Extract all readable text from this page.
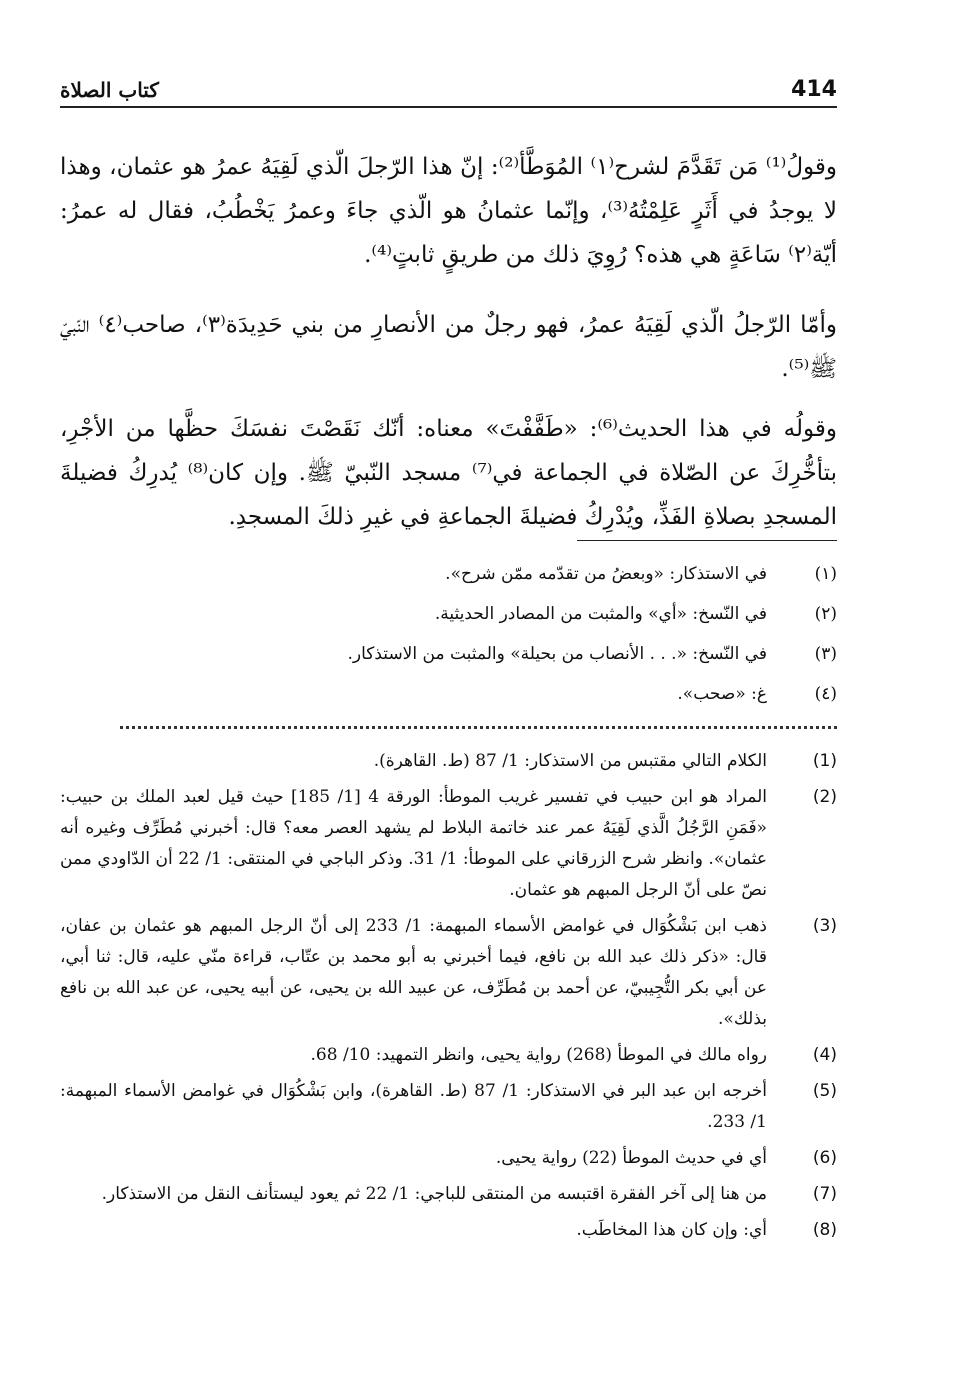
كتاب الصلاة	414

وقولُ⁽¹⁾ مَن تَقَدَّمَ لشرح⁽١⁾ المُوَطَّأ⁽²⁾: إنّ هذا الرّجلَ الّذي لَقِيَهُ عمرُ هو عثمان، وهذا لا يوجدُ في أَثَرٍ عَلِمْتُهُ⁽³⁾، وإنّما عثمانُ هو الّذي جاءَ وعمرُ يَخْطُبُ، فقال له عمرُ: أيّة⁽٢⁾ سَاعَةٍ هي هذه؟ رُوِيَ ذلك من طريقٍ ثابتٍ⁽⁴⁾.

وأمّا الرّجلُ الّذي لَقِيَهُ عمرُ، فهو رجلٌ من الأنصارِ من بني حَدِيدَة⁽٣⁾، صاحب⁽٤⁾ النّبيّ ﷺ⁽⁵⁾.

وقولُه في هذا الحديث⁽⁶⁾: «طَفَّفْتَ» معناه: أنّك نَقَصْتَ نفسَكَ حظَّها من الأجْرِ، بتأخُّرِكَ عن الصّلاة في الجماعة في⁽⁷⁾ مسجد النّبيّ ﷺ. وإن كان⁽⁸⁾ يُدرِكُ فضيلةَ المسجدِ بصلاةِ الفَذِّ، ويُدْرِكُ فضيلةَ الجماعةِ في غيرِ ذلكَ المسجدِ.

(١)
في الاستذكار: «وبعضُ من تقدّمه ممّن شرح».
(٢)
في النّسخ: «أي» والمثبت من المصادر الحديثية.
(٣)
في النّسخ: «. . . الأنصاب من بحيلة» والمثبت من الاستذكار.
(٤)
غ: «صحب».
(1)
الكلام التالي مقتبس من الاستذكار: 1/ 87 (ط. القاهرة).
(2)
المراد هو ابن حبيب في تفسير غريب الموطأ: الورقة 4 [1/ 185] حيث قيل لعبد الملك بن حبيب: «فَمَنِ الرَّجُلُ الَّذي لَقِيَهُ عمر عند خاتمة البلاط لم يشهد العصر معه؟ قال: أخبرني مُطَرِّف وغيره أنه عثمان». وانظر شرح الزرقاني على الموطأ: 1/ 31. وذكر الباجي في المنتقى: 1/ 22 أن الدّاودي ممن نصّ على أنّ الرجل المبهم هو عثمان.
(3)
ذهب ابن بَشْكُوَال في غوامض الأسماء المبهمة: 1/ 233 إلى أنّ الرجل المبهم هو عثمان بن عفان، قال: «ذكر ذلك عبد الله بن نافع، فيما أخبرني به أبو محمد بن عتّاب، قراءة منّي عليه، قال: ثنا أبي، عن أبي بكر التُّجِيبيّ، عن أحمد بن مُطَرِّف، عن عبيد الله بن يحيى، عن أبيه يحيى، عن عبد الله بن نافع بذلك».
(4)
رواه مالك في الموطأ (268) رواية يحيى، وانظر التمهيد: 10/ 68.
(5)
أخرجه ابن عبد البر في الاستذكار: 1/ 87 (ط. القاهرة)، وابن بَشْكُوَال في غوامض الأسماء المبهمة: 1/ 233.
(6)
أي في حديث الموطأ (22) رواية يحيى.
(7)
من هنا إلى آخر الفقرة اقتبسه من المنتقى للباجي: 1/ 22 ثم يعود ليستأنف النقل من الاستذكار.
(8)
أي: وإن كان هذا المخاطَب.
